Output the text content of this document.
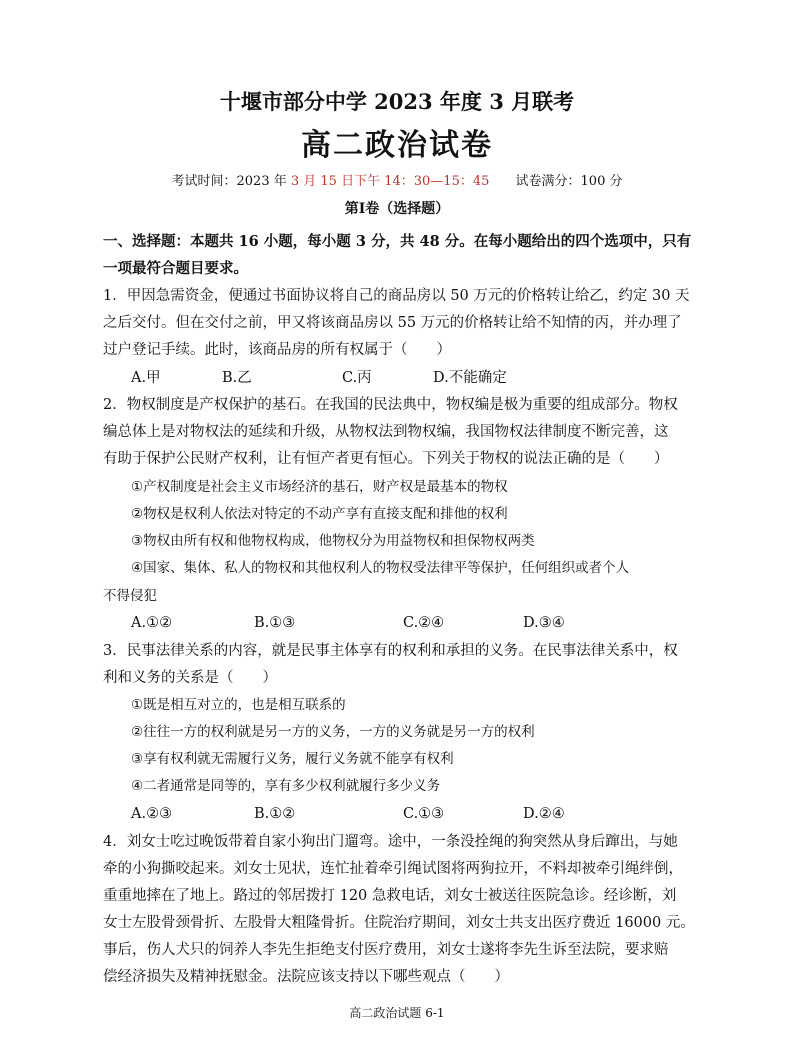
十堰市部分中学 2023 年度 3 月联考
高二政治试卷
考试时间：2023 年 3 月 15 日下午 14：30—15：45 试卷满分：100 分
第Ⅰ卷（选择题）
一、选择题：本题共 16 小题，每小题 3 分，共 48 分。在每小题给出的四个选项中，只有
一项最符合题目要求。
1．甲因急需资金，便通过书面协议将自己的商品房以 50 万元的价格转让给乙，约定 30 天
之后交付。但在交付之前，甲又将该商品房以 55 万元的价格转让给不知情的丙，并办理了
过户登记手续。此时，该商品房的所有权属于（　　）
A.甲	B.乙	C.丙	D.不能确定
2．物权制度是产权保护的基石。在我国的民法典中，物权编是极为重要的组成部分。物权
编总体上是对物权法的延续和升级，从物权法到物权编，我国物权法律制度不断完善，这
有助于保护公民财产权利，让有恒产者更有恒心。下列关于物权的说法正确的是（　　）
①产权制度是社会主义市场经济的基石，财产权是最基本的物权
②物权是权利人依法对特定的不动产享有直接支配和排他的权利
③物权由所有权和他物权构成，他物权分为用益物权和担保物权两类
④国家、集体、私人的物权和其他权利人的物权受法律平等保护，任何组织或者个人
不得侵犯
A.①②	B.①③	C.②④	D.③④
3．民事法律关系的内容，就是民事主体享有的权利和承担的义务。在民事法律关系中，权
利和义务的关系是（　　）
①既是相互对立的，也是相互联系的
②往往一方的权利就是另一方的义务，一方的义务就是另一方的权利
③享有权利就无需履行义务，履行义务就不能享有权利
④二者通常是同等的，享有多少权利就履行多少义务
A.②③	B.①②	C.①③	D.②④
4．刘女士吃过晚饭带着自家小狗出门遛弯。途中，一条没拴绳的狗突然从身后蹿出，与她
牵的小狗撕咬起来。刘女士见状，连忙扯着牵引绳试图将两狗拉开，不料却被牵引绳绊倒，
重重地摔在了地上。路过的邻居拨打 120 急救电话，刘女士被送往医院急诊。经诊断，刘
女士左股骨颈骨折、左股骨大粗隆骨折。住院治疗期间，刘女士共支出医疗费近 16000 元。
事后，伤人犬只的饲养人李先生拒绝支付医疗费用，刘女士遂将李先生诉至法院，要求赔
偿经济损失及精神抚慰金。法院应该支持以下哪些观点（　　）
高二政治试题 6-1
